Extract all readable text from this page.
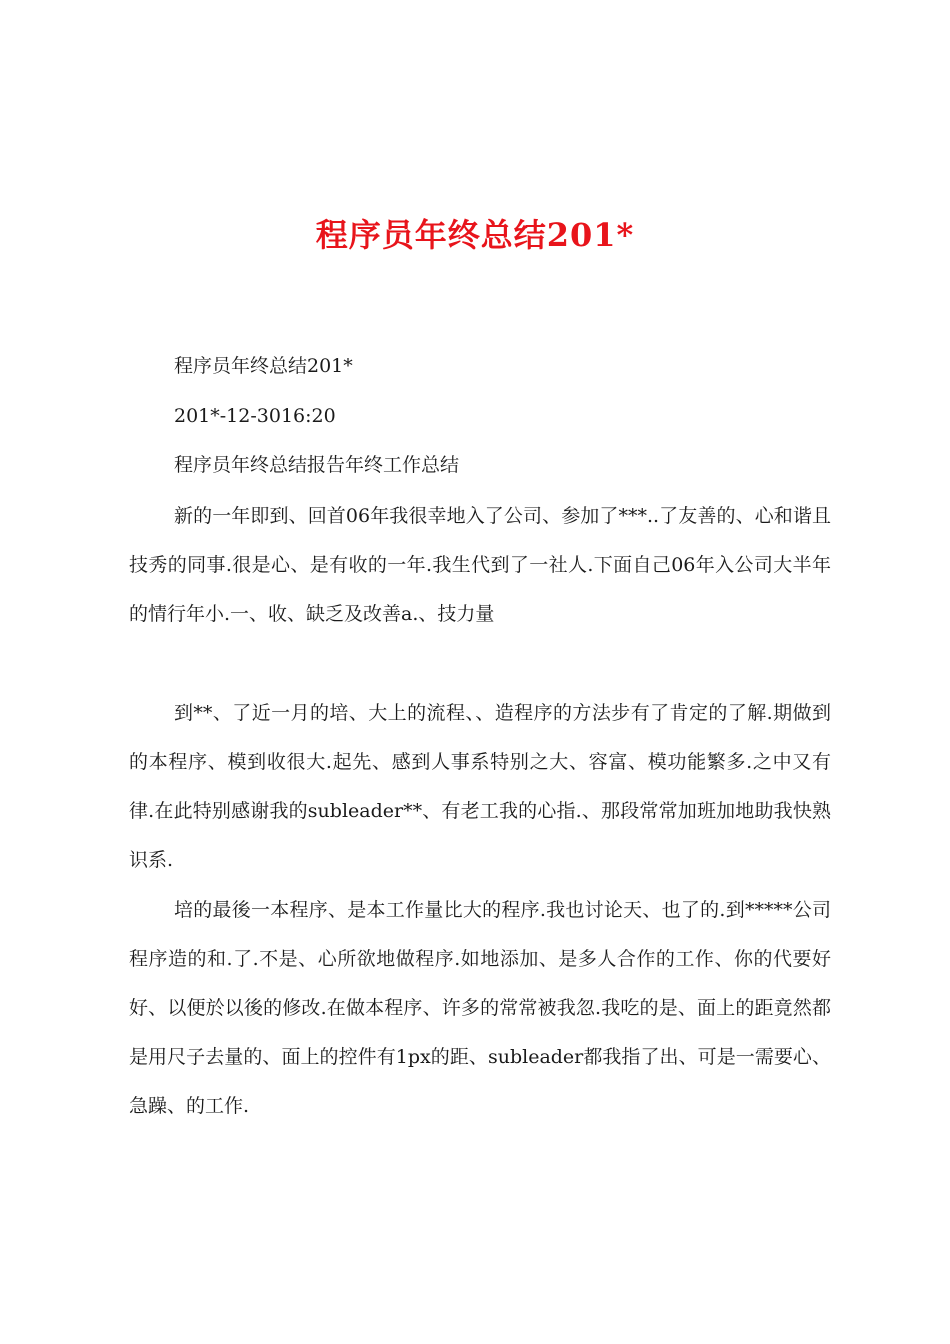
程序员年终总结201*
程序员年终总结201*
201*-12-3016:20
程序员年终总结报告年终工作总结
新的一年即到、回首06年我很幸地入了公司、参加了***..了友善的、心和谐且技秀的同事.很是心、是有收的一年.我生代到了一社人.下面自己06年入公司大半年的情行年小.一、收、缺乏及改善a.、技力量
到**、了近一月的培、大上的流程、、造程序的方法步有了肯定的了解.期做到的本程序、模到收很大.起先、感到人事系特别之大、容富、模功能繁多.之中又有律.在此特别感谢我的subleader**、有老工我的心指.、那段常常加班加地助我快熟识系.
培的最後一本程序、是本工作量比大的程序.我也讨论天、也了的.到*****公司程序造的和.了.不是、心所欲地做程序.如地添加、是多人合作的工作、你的代要好好、以便於以後的修改.在做本程序、许多的常常被我忽.我吃的是、面上的距竟然都是用尺子去量的、面上的控件有1px的距、subleader都我指了出、可是一需要心、急躁、的工作.
